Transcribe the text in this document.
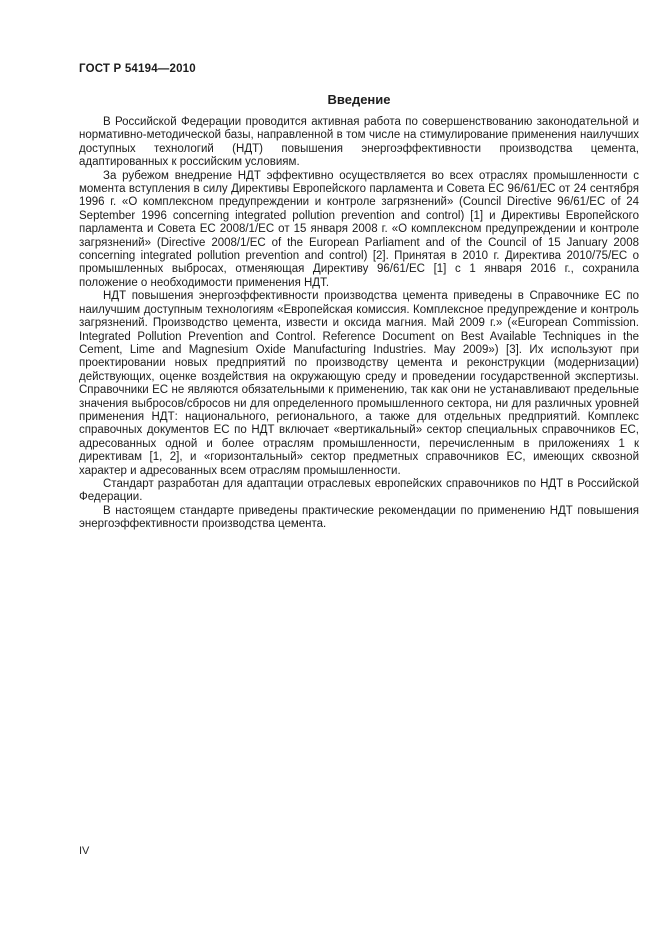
ГОСТ Р 54194—2010
Введение

В Российской Федерации проводится активная работа по совершенствованию законодательной и нормативно-методической базы, направленной в том числе на стимулирование применения наилучших доступных технологий (НДТ) повышения энергоэффективности производства цемента, адаптированных к российским условиям.

За рубежом внедрение НДТ эффективно осуществляется во всех отраслях промышленности с момента вступления в силу Директивы Европейского парламента и Совета ЕС 96/61/ЕС от 24 сентября 1996 г. «О комплексном предупреждении и контроле загрязнений» (Council Directive 96/61/EC of 24 September 1996 concerning integrated pollution prevention and control) [1] и Директивы Европейского парламента и Совета ЕС 2008/1/ЕС от 15 января 2008 г. «О комплексном предупреждении и контроле загрязнений» (Directive 2008/1/EC of the European Parliament and of the Council of 15 January 2008 concerning integrated pollution prevention and control) [2]. Принятая в 2010 г. Директива 2010/75/ЕС о промышленных выбросах, отменяющая Директиву 96/61/ЕС [1] с 1 января 2016 г., сохранила положение о необходимости применения НДТ.

НДТ повышения энергоэффективности производства цемента приведены в Справочнике ЕС по наилучшим доступным технологиям «Европейская комиссия. Комплексное предупреждение и контроль загрязнений. Производство цемента, извести и оксида магния. Май 2009 г.» («European Commission. Integrated Pollution Prevention and Control. Reference Document on Best Available Techniques in the Cement, Lime and Magnesium Oxide Manufacturing Industries. May 2009») [3]. Их используют при проектировании новых предприятий по производству цемента и реконструкции (модернизации) действующих, оценке воздействия на окружающую среду и проведении государственной экспертизы. Справочники ЕС не являются обязательными к применению, так как они не устанавливают предельные значения выбросов/сбросов ни для определенного промышленного сектора, ни для различных уровней применения НДТ: национального, регионального, а также для отдельных предприятий. Комплекс справочных документов ЕС по НДТ включает «вертикальный» сектор специальных справочников ЕС, адресованных одной и более отраслям промышленности, перечисленным в приложениях 1 к директивам [1, 2], и «горизонтальный» сектор предметных справочников ЕС, имеющих сквозной характер и адресованных всем отраслям промышленности.

Стандарт разработан для адаптации отраслевых европейских справочников по НДТ в Российской Федерации.

В настоящем стандарте приведены практические рекомендации по применению НДТ повышения энергоэффективности производства цемента.

IV
